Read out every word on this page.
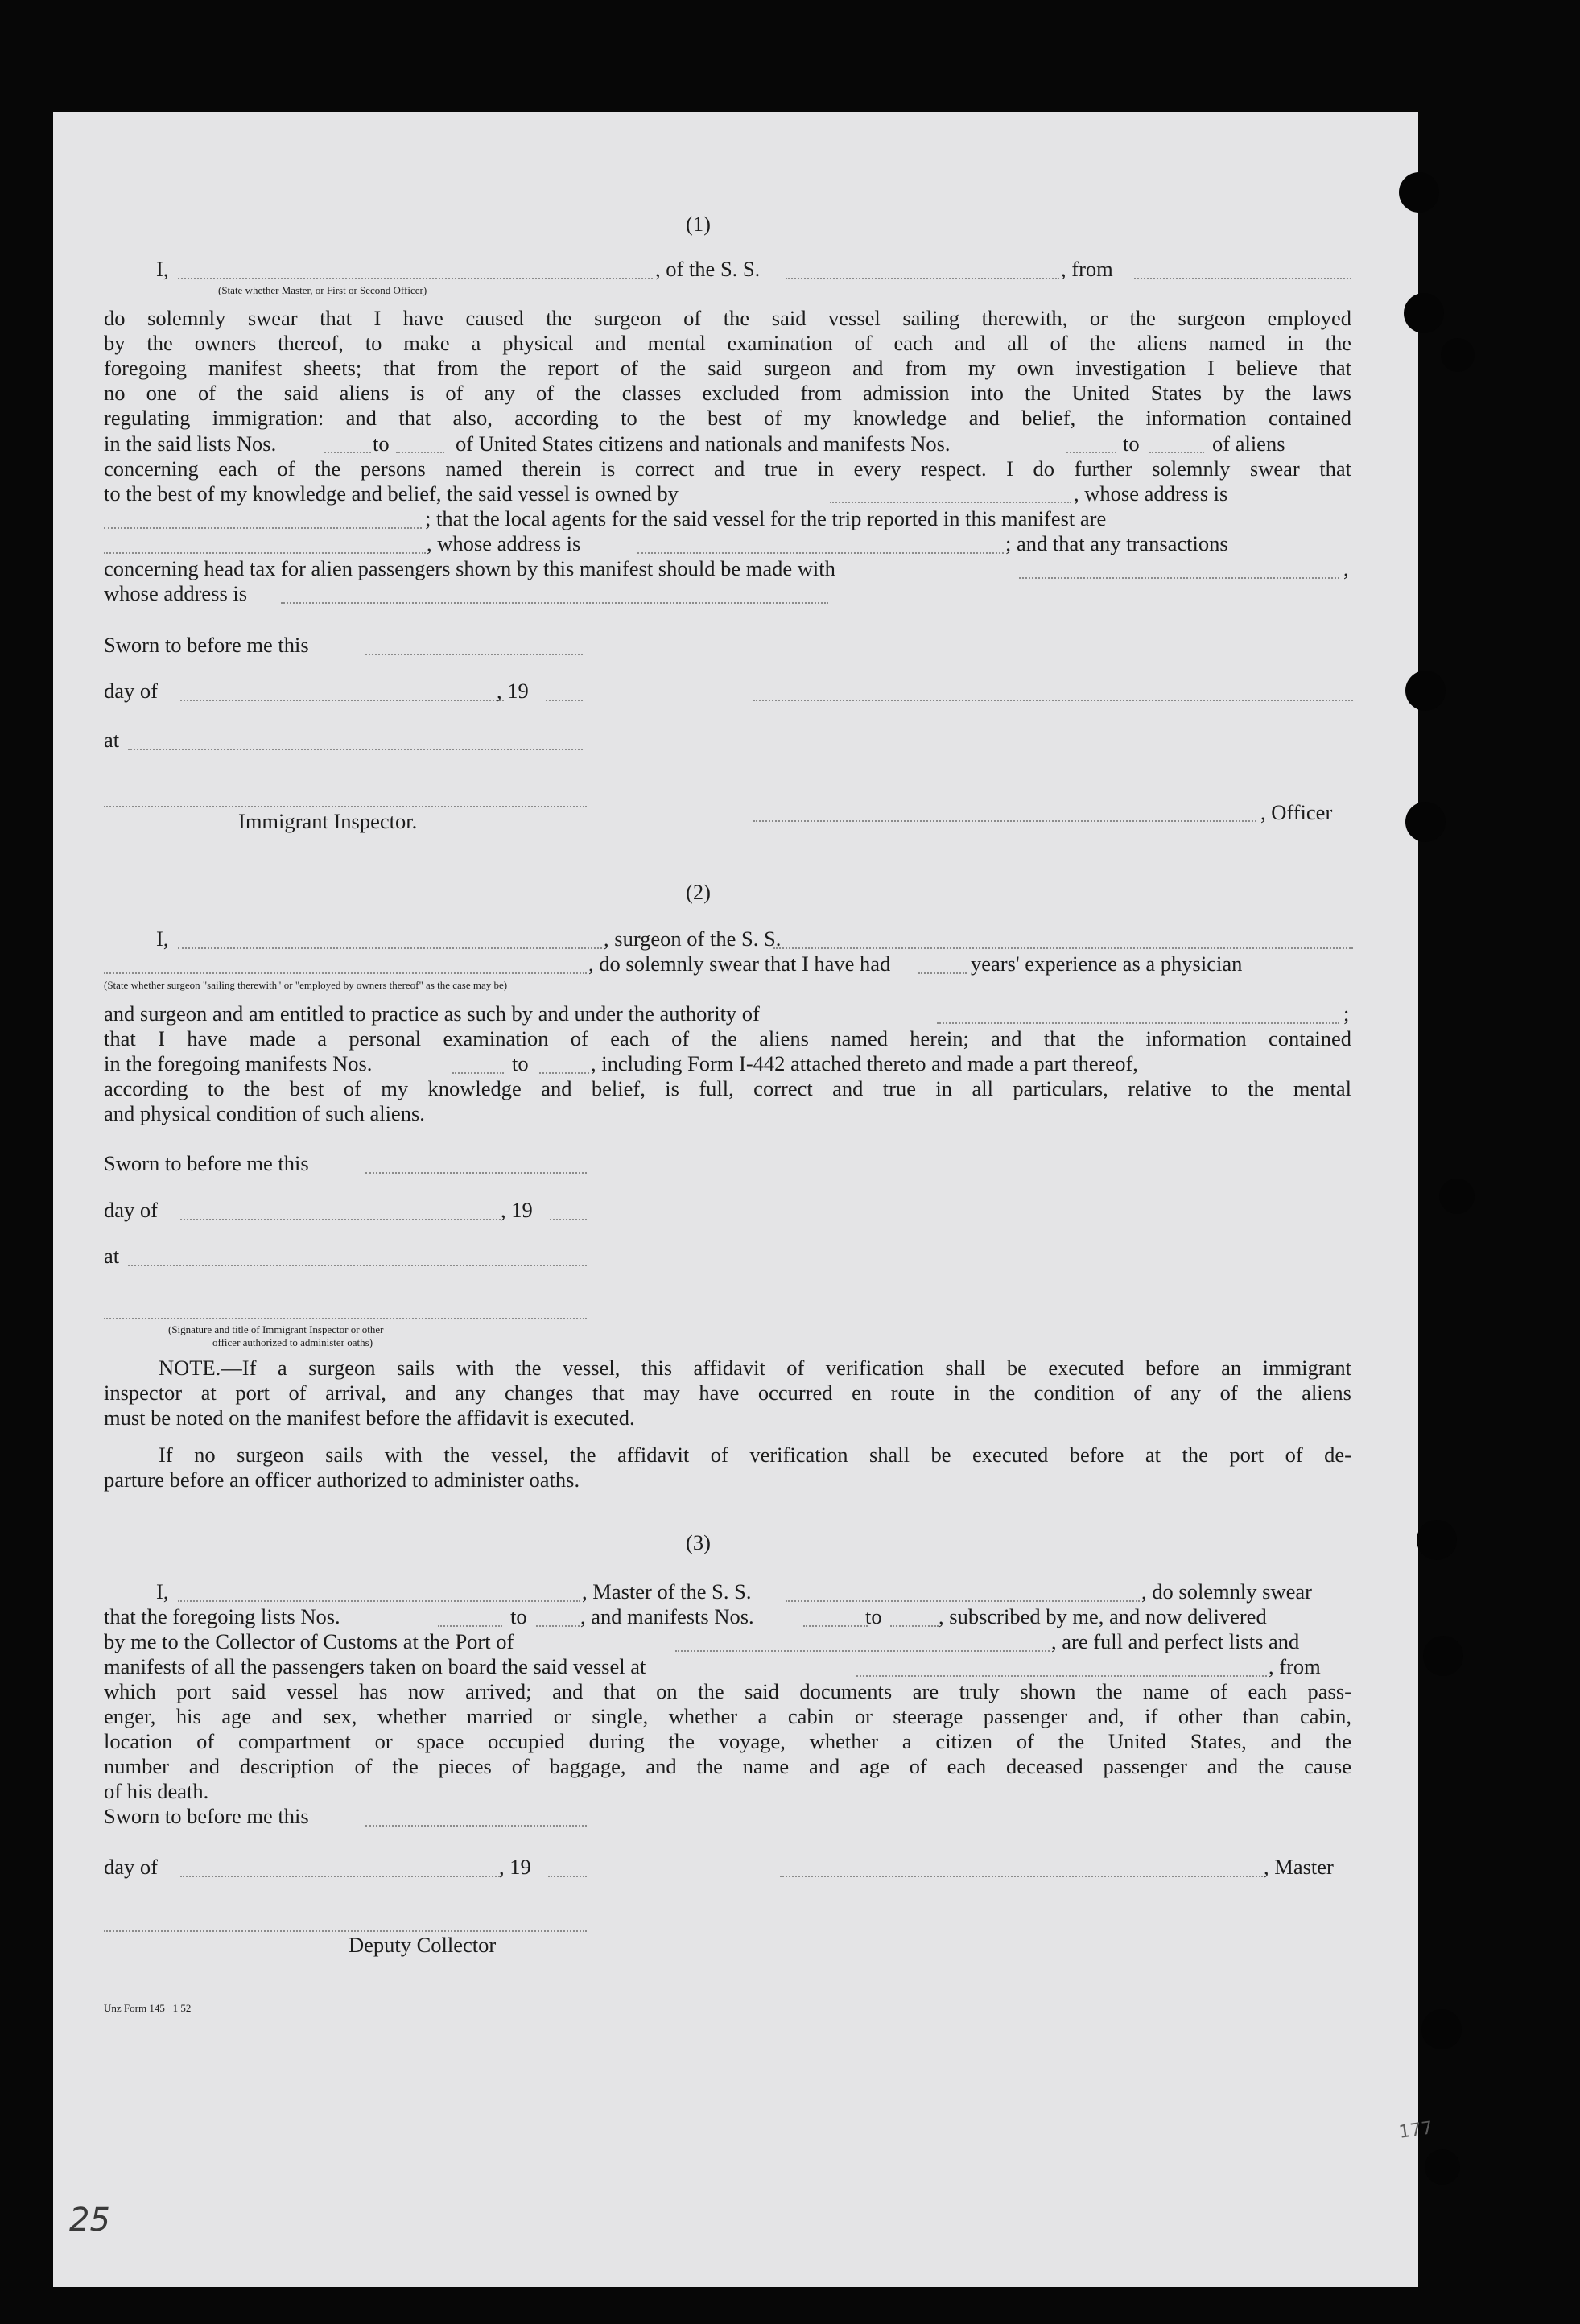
(1)
I,	, of the S. S.	, from
(State whether Master, or First or Second Officer)
do solemnly swear that I have caused the surgeon of the said vessel sailing therewith, or the surgeon employed
by the owners thereof, to make a physical and mental examination of each and all of the aliens named in the
foregoing manifest sheets; that from the report of the said surgeon and from my own investigation I believe that
no one of the said aliens is of any of the classes excluded from admission into the United States by the laws
regulating immigration: and that also, according to the best of my knowledge and belief, the information contained
in the said lists Nos.	to	of United States citizens and nationals and manifests Nos.	to	of aliens
concerning each of the persons named therein is correct and true in every respect. I do further solemnly swear that
to the best of my knowledge and belief, the said vessel is owned by	, whose address is
; that the local agents for the said vessel for the trip reported in this manifest are
, whose address is	; and that any transactions
concerning head tax for alien passengers shown by this manifest should be made with	,
whose address is
Sworn to before me this
day of	, 19
at
Immigrant Inspector.	, Officer
(2)
I,	, surgeon of the S. S.
, do solemnly swear that I have had	years' experience as a physician
(State whether surgeon "sailing therewith" or "employed by owners thereof" as the case may be)
and surgeon and am entitled to practice as such by and under the authority of	;
that I have made a personal examination of each of the aliens named herein; and that the information contained
in the foregoing manifests Nos.	to	, including Form I-442 attached thereto and made a part thereof,
according to the best of my knowledge and belief, is full, correct and true in all particulars, relative to the mental
and physical condition of such aliens.
Sworn to before me this
day of	, 19
at
(Signature and title of Immigrant Inspector or other
officer authorized to administer oaths)
NOTE.—If a surgeon sails with the vessel, this affidavit of verification shall be executed before an immigrant
inspector at port of arrival, and any changes that may have occurred en route in the condition of any of the aliens
must be noted on the manifest before the affidavit is executed.
If no surgeon sails with the vessel, the affidavit of verification shall be executed before at the port of de-
parture before an officer authorized to administer oaths.
(3)
I,	, Master of the S. S.	, do solemnly swear
that the foregoing lists Nos.	to	, and manifests Nos.	to	, subscribed by me, and now delivered
by me to the Collector of Customs at the Port of	, are full and perfect lists and
manifests of all the passengers taken on board the said vessel at	, from
which port said vessel has now arrived; and that on the said documents are truly shown the name of each pass-
enger, his age and sex, whether married or single, whether a cabin or steerage passenger and, if other than cabin,
location of compartment or space occupied during the voyage, whether a citizen of the United States, and the
number and description of the pieces of baggage, and the name and age of each deceased passenger and the cause
of his death.
Sworn to before me this
day of	, 19	, Master
Deputy Collector
Unz Form 145   1 52
177
25
